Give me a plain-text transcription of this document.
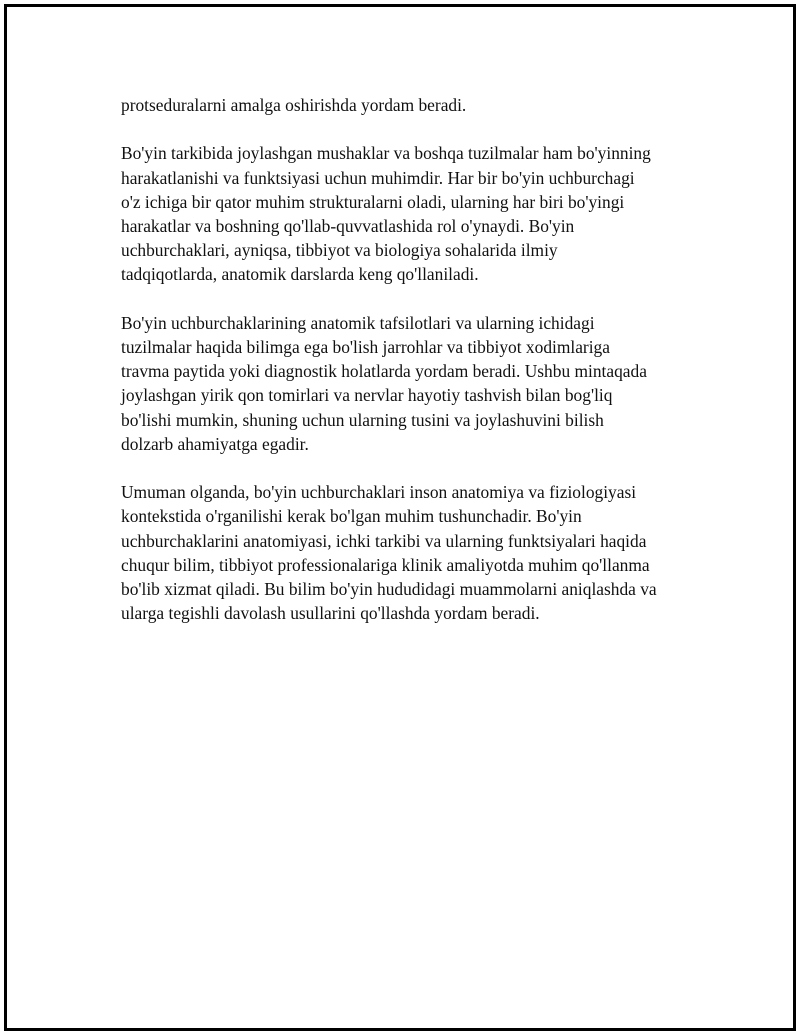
protseduralarni amalga oshirishda yordam beradi.

Bo'yin tarkibida joylashgan mushaklar va boshqa tuzilmalar ham bo'yinning
harakatlanishi va funktsiyasi uchun muhimdir. Har bir bo'yin uchburchagi
o'z ichiga bir qator muhim strukturalarni oladi, ularning har biri bo'yingi
harakatlar va boshning qo'llab-quvvatlashida rol o'ynaydi. Bo'yin
uchburchaklari, ayniqsa, tibbiyot va biologiya sohalarida ilmiy
tadqiqotlarda, anatomik darslarda keng qo'llaniladi.

Bo'yin uchburchaklarining anatomik tafsilotlari va ularning ichidagi
tuzilmalar haqida bilimga ega bo'lish jarrohlar va tibbiyot xodimlariga
travma paytida yoki diagnostik holatlarda yordam beradi. Ushbu mintaqada
joylashgan yirik qon tomirlari va nervlar hayotiy tashvish bilan bog'liq
bo'lishi mumkin, shuning uchun ularning tusini va joylashuvini bilish
dolzarb ahamiyatga egadir.

Umuman olganda, bo'yin uchburchaklari inson anatomiya va fiziologiyasi
kontekstida o'rganilishi kerak bo'lgan muhim tushunchadir. Bo'yin
uchburchaklarini anatomiyasi, ichki tarkibi va ularning funktsiyalari haqida
chuqur bilim, tibbiyot professionalariga klinik amaliyotda muhim qo'llanma
bo'lib xizmat qiladi. Bu bilim bo'yin hududidagi muammolarni aniqlashda va
ularga tegishli davolash usullarini qo'llashda yordam beradi.
